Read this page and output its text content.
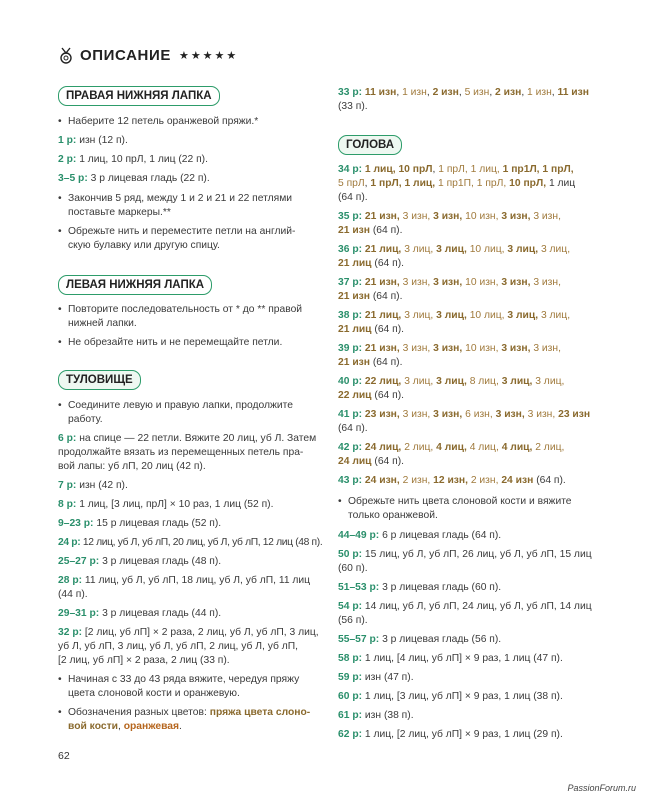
ОПИСАНИЕ ★★★★★
ПРАВАЯ НИЖНЯЯ ЛАПКА
• Наберите 12 петель оранжевой пряжи.*
1 р: изн (12 п).
2 р: 1 лиц, 10 прЛ, 1 лиц (22 п).
3–5 р: 3 р лицевая гладь (22 п).
• Закончив 5 ряд, между 1 и 2 и 21 и 22 петлями
поставьте маркеры.**
• Обрежьте нить и переместите петли на англий-
скую булавку или другую спицу.
ЛЕВАЯ НИЖНЯЯ ЛАПКА
• Повторите последовательность от * до ** правой
нижней лапки.
• Не обрезайте нить и не перемещайте петли.
ТУЛОВИЩЕ
• Соедините левую и правую лапки, продолжите
работу.
6 р: на спице — 22 петли. Вяжите 20 лиц, уб Л. Затем
продолжайте вязать из перемещенных петель пра-
вой лапы: уб лП, 20 лиц (42 п).
7 р: изн (42 п).
8 р: 1 лиц, [3 лиц, прЛ] × 10 раз, 1 лиц (52 п).
9–23 р: 15 р лицевая гладь (52 п).
24 р: 12 лиц, уб Л, уб лП, 20 лиц, уб Л, уб лП, 12 лиц (48 п).
25–27 р: 3 р лицевая гладь (48 п).
28 р: 11 лиц, уб Л, уб лП, 18 лиц, уб Л, уб лП, 11 лиц
(44 п).
29–31 р: 3 р лицевая гладь (44 п).
32 р: [2 лиц, уб лП] × 2 раза, 2 лиц, уб Л, уб лП, 3 лиц,
уб Л, уб лП, 3 лиц, уб Л, уб лП, 2 лиц, уб Л, уб лП,
[2 лиц, уб лП] × 2 раза, 2 лиц (33 п).
• Начиная с 33 до 43 ряда вяжите, чередуя пряжу
цвета слоновой кости и оранжевую.
• Обозначения разных цветов: пряжа цвета слоно-
вой кости, оранжевая.
33 р: 11 изн, 1 изн, 2 изн, 5 изн, 2 изн, 1 изн, 11 изн
(33 п).
ГОЛОВА
34 р: 1 лиц, 10 прЛ, 1 прЛ, 1 лиц, 1 пр1Л, 1 прЛ,
5 прЛ, 1 прЛ, 1 лиц, 1 пр1П, 1 прЛ, 10 прЛ, 1 лиц
(64 п).
35 р: 21 изн, 3 изн, 3 изн, 10 изн, 3 изн, 3 изн,
21 изн (64 п).
36 р: 21 лиц, 3 лиц, 3 лиц, 10 лиц, 3 лиц, 3 лиц,
21 лиц (64 п).
37 р: 21 изн, 3 изн, 3 изн, 10 изн, 3 изн, 3 изн,
21 изн (64 п).
38 р: 21 лиц, 3 лиц, 3 лиц, 10 лиц, 3 лиц, 3 лиц,
21 лиц (64 п).
39 р: 21 изн, 3 изн, 3 изн, 10 изн, 3 изн, 3 изн,
21 изн (64 п).
40 р: 22 лиц, 3 лиц, 3 лиц, 8 лиц, 3 лиц, 3 лиц,
22 лиц (64 п).
41 р: 23 изн, 3 изн, 3 изн, 6 изн, 3 изн, 3 изн, 23 изн
(64 п).
42 р: 24 лиц, 2 лиц, 4 лиц, 4 лиц, 4 лиц, 2 лиц,
24 лиц (64 п).
43 р: 24 изн, 2 изн, 12 изн, 2 изн, 24 изн (64 п).
• Обрежьте нить цвета слоновой кости и вяжите
только оранжевой.
44–49 р: 6 р лицевая гладь (64 п).
50 р: 15 лиц, уб Л, уб лП, 26 лиц, уб Л, уб лП, 15 лиц
(60 п).
51–53 р: 3 р лицевая гладь (60 п).
54 р: 14 лиц, уб Л, уб лП, 24 лиц, уб Л, уб лП, 14 лиц
(56 п).
55–57 р: 3 р лицевая гладь (56 п).
58 р: 1 лиц, [4 лиц, уб лП] × 9 раз, 1 лиц (47 п).
59 р: изн (47 п).
60 р: 1 лиц, [3 лиц, уб лП] × 9 раз, 1 лиц (38 п).
61 р: изн (38 п).
62 р: 1 лиц, [2 лиц, уб лП] × 9 раз, 1 лиц (29 п).
62
PassionForum.ru
